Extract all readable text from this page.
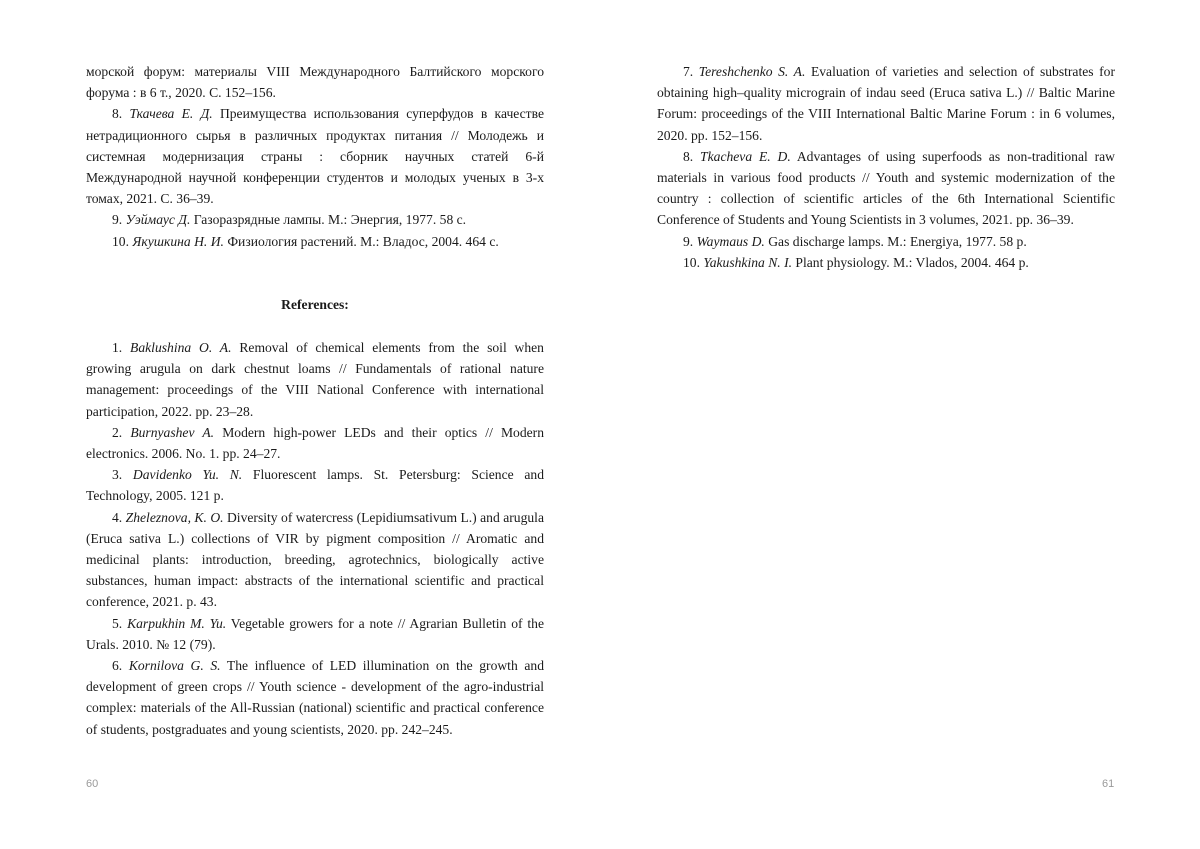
морской форум: материалы VIII Международного Балтийского морского форума : в 6 т., 2020. С. 152–156.

8. Ткачева Е. Д. Преимущества использования суперфудов в качестве нетрадиционного сырья в различных продуктах питания // Молодежь и системная модернизация страны : сборник научных статей 6-й Международной научной конференции студентов и молодых ученых в 3-х томах, 2021. С. 36–39.

9. Уэймаус Д. Газоразрядные лампы. М.: Энергия, 1977. 58 с.

10. Якушкина Н. И. Физиология растений. М.: Владос, 2004. 464 с.

References:

1. Baklushina O. A. Removal of chemical elements from the soil when growing arugula on dark chestnut loams // Fundamentals of rational nature management: proceedings of the VIII National Conference with international participation, 2022. pp. 23–28.

2. Burnyashev A. Modern high-power LEDs and their optics // Modern electronics. 2006. No. 1. pp. 24–27.

3. Davidenko Yu. N. Fluorescent lamps. St. Petersburg: Science and Technology, 2005. 121 p.

4. Zheleznova, K. O. Diversity of watercress (Lepidiumsativum L.) and arugula (Eruca sativa L.) collections of VIR by pigment composition // Aromatic and medicinal plants: introduction, breeding, agrotechnics, biologically active substances, human impact: abstracts of the international scientific and practical conference, 2021. p. 43.

5. Karpukhin M. Yu. Vegetable growers for a note // Agrarian Bulletin of the Urals. 2010. № 12 (79).

6. Kornilova G. S. The influence of LED illumination on the growth and development of green crops // Youth science - development of the agro-industrial complex: materials of the All-Russian (national) scientific and practical conference of students, postgraduates and young scientists, 2020. pp. 242–245.

60

7. Tereshchenko S. A. Evaluation of varieties and selection of substrates for obtaining high–quality micrograin of indau seed (Eruca sativa L.) // Baltic Marine Forum: proceedings of the VIII International Baltic Marine Forum : in 6 volumes, 2020. pp. 152–156.

8. Tkacheva E. D. Advantages of using superfoods as non-traditional raw materials in various food products // Youth and systemic modernization of the country : collection of scientific articles of the 6th International Scientific Conference of Students and Young Scientists in 3 volumes, 2021. pp. 36–39.

9. Waymaus D. Gas discharge lamps. M.: Energiya, 1977. 58 p.

10. Yakushkina N. I. Plant physiology. M.: Vlados, 2004. 464 p.

61
